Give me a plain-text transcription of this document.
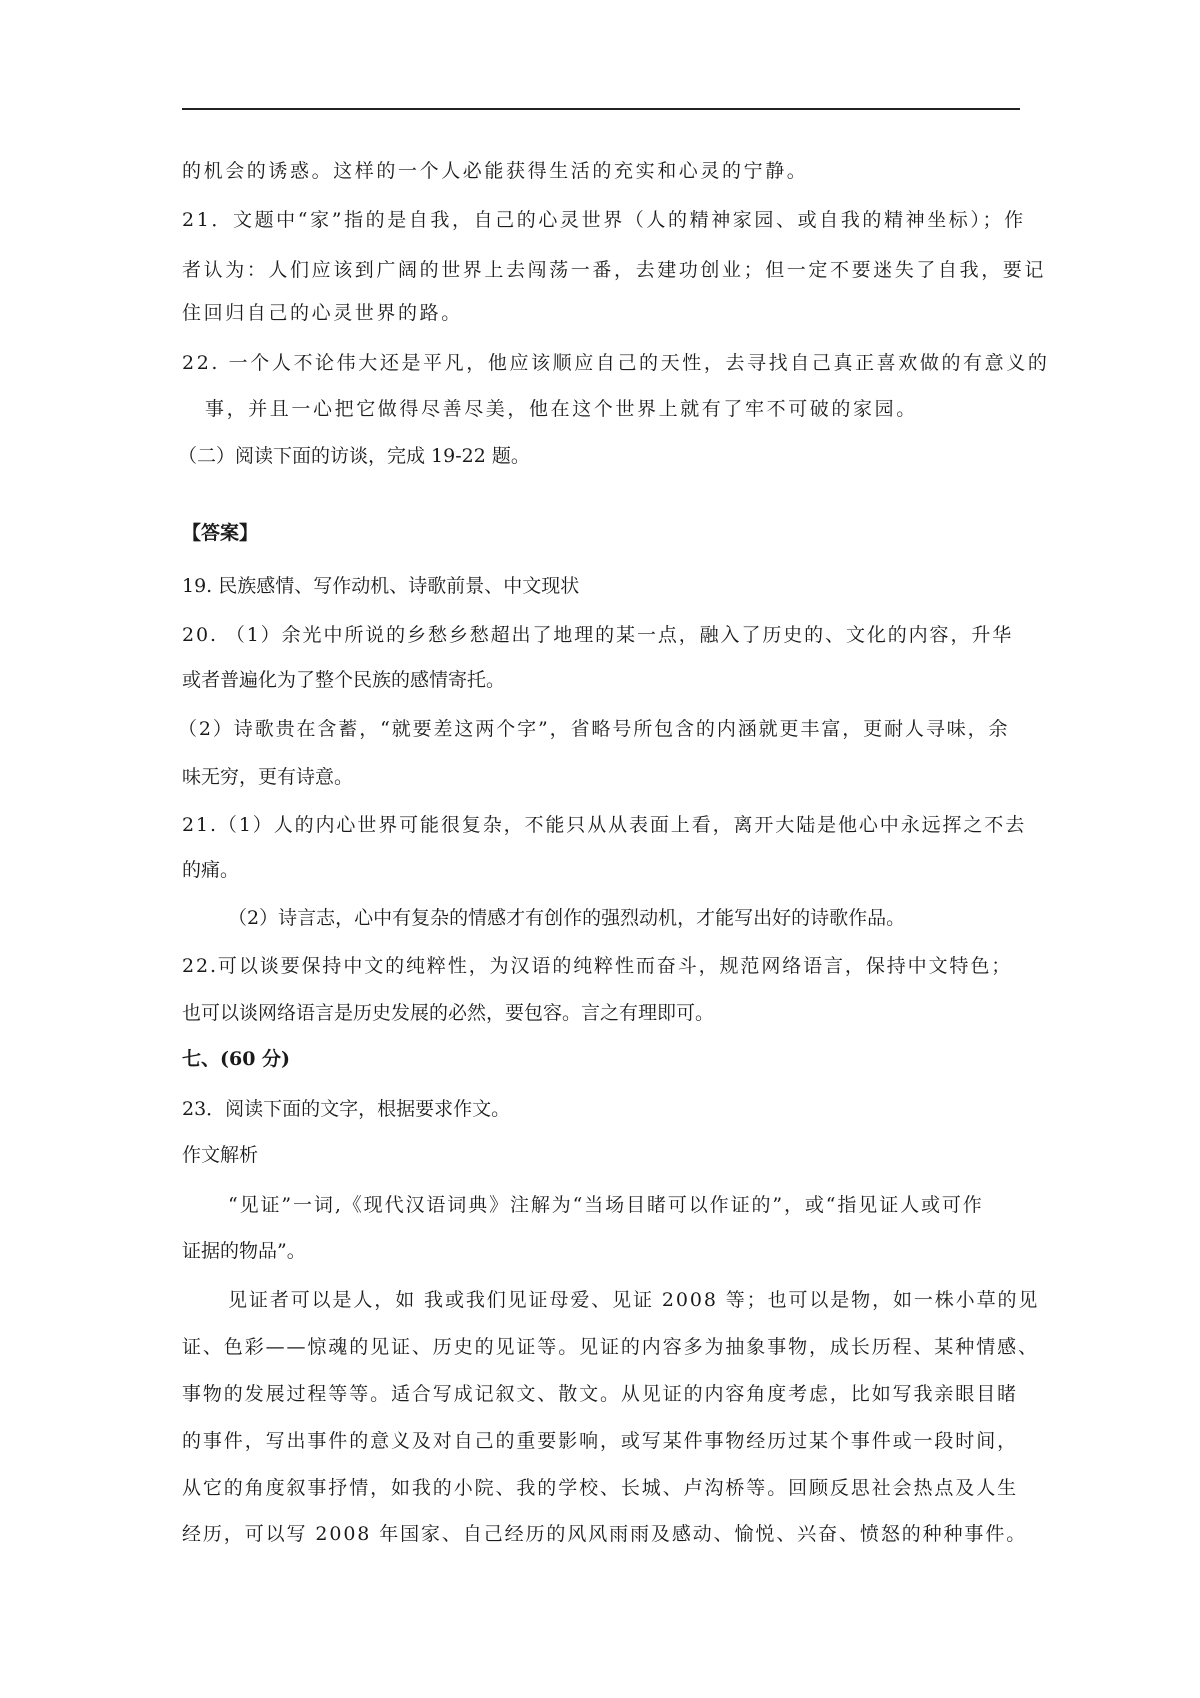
的机会的诱惑。这样的一个人必能获得生活的充实和心灵的宁静。
21．文题中“家”指的是自我，自己的心灵世界（人的精神家园、或自我的精神坐标）；作
者认为：人们应该到广阔的世界上去闯荡一番，去建功创业；但一定不要迷失了自我，要记
住回归自己的心灵世界的路。
22. 一个人不论伟大还是平凡，他应该顺应自己的天性，去寻找自己真正喜欢做的有意义的
事，并且一心把它做得尽善尽美，他在这个世界上就有了牢不可破的家园。
（二）阅读下面的访谈，完成 19-22 题。
【答案】
19. 民族感情、写作动机、诗歌前景、中文现状
20. （1）余光中所说的乡愁乡愁超出了地理的某一点，融入了历史的、文化的内容，升华
或者普遍化为了整个民族的感情寄托。
（2）诗歌贵在含蓄，“就要差这两个字”，省略号所包含的内涵就更丰富，更耐人寻味，余
味无穷，更有诗意。
21.（1）人的内心世界可能很复杂，不能只从从表面上看，离开大陆是他心中永远挥之不去
的痛。
（2）诗言志，心中有复杂的情感才有创作的强烈动机，才能写出好的诗歌作品。
22.可以谈要保持中文的纯粹性，为汉语的纯粹性而奋斗，规范网络语言，保持中文特色；
也可以谈网络语言是历史发展的必然，要包容。言之有理即可。
七、(60 分)
23．阅读下面的文字，根据要求作文。
作文解析
“见证”一词,《现代汉语词典》注解为“当场目睹可以作证的”，或“指见证人或可作
证据的物品”。
见证者可以是人，如 我或我们见证母爱、见证 2008 等；也可以是物，如一株小草的见
证、色彩——惊魂的见证、历史的见证等。见证的内容多为抽象事物，成长历程、某种情感、
事物的发展过程等等。适合写成记叙文、散文。从见证的内容角度考虑，比如写我亲眼目睹
的事件，写出事件的意义及对自己的重要影响，或写某件事物经历过某个事件或一段时间，
从它的角度叙事抒情，如我的小院、我的学校、长城、卢沟桥等。回顾反思社会热点及人生
经历，可以写 2008 年国家、自己经历的风风雨雨及感动、愉悦、兴奋、愤怒的种种事件。
